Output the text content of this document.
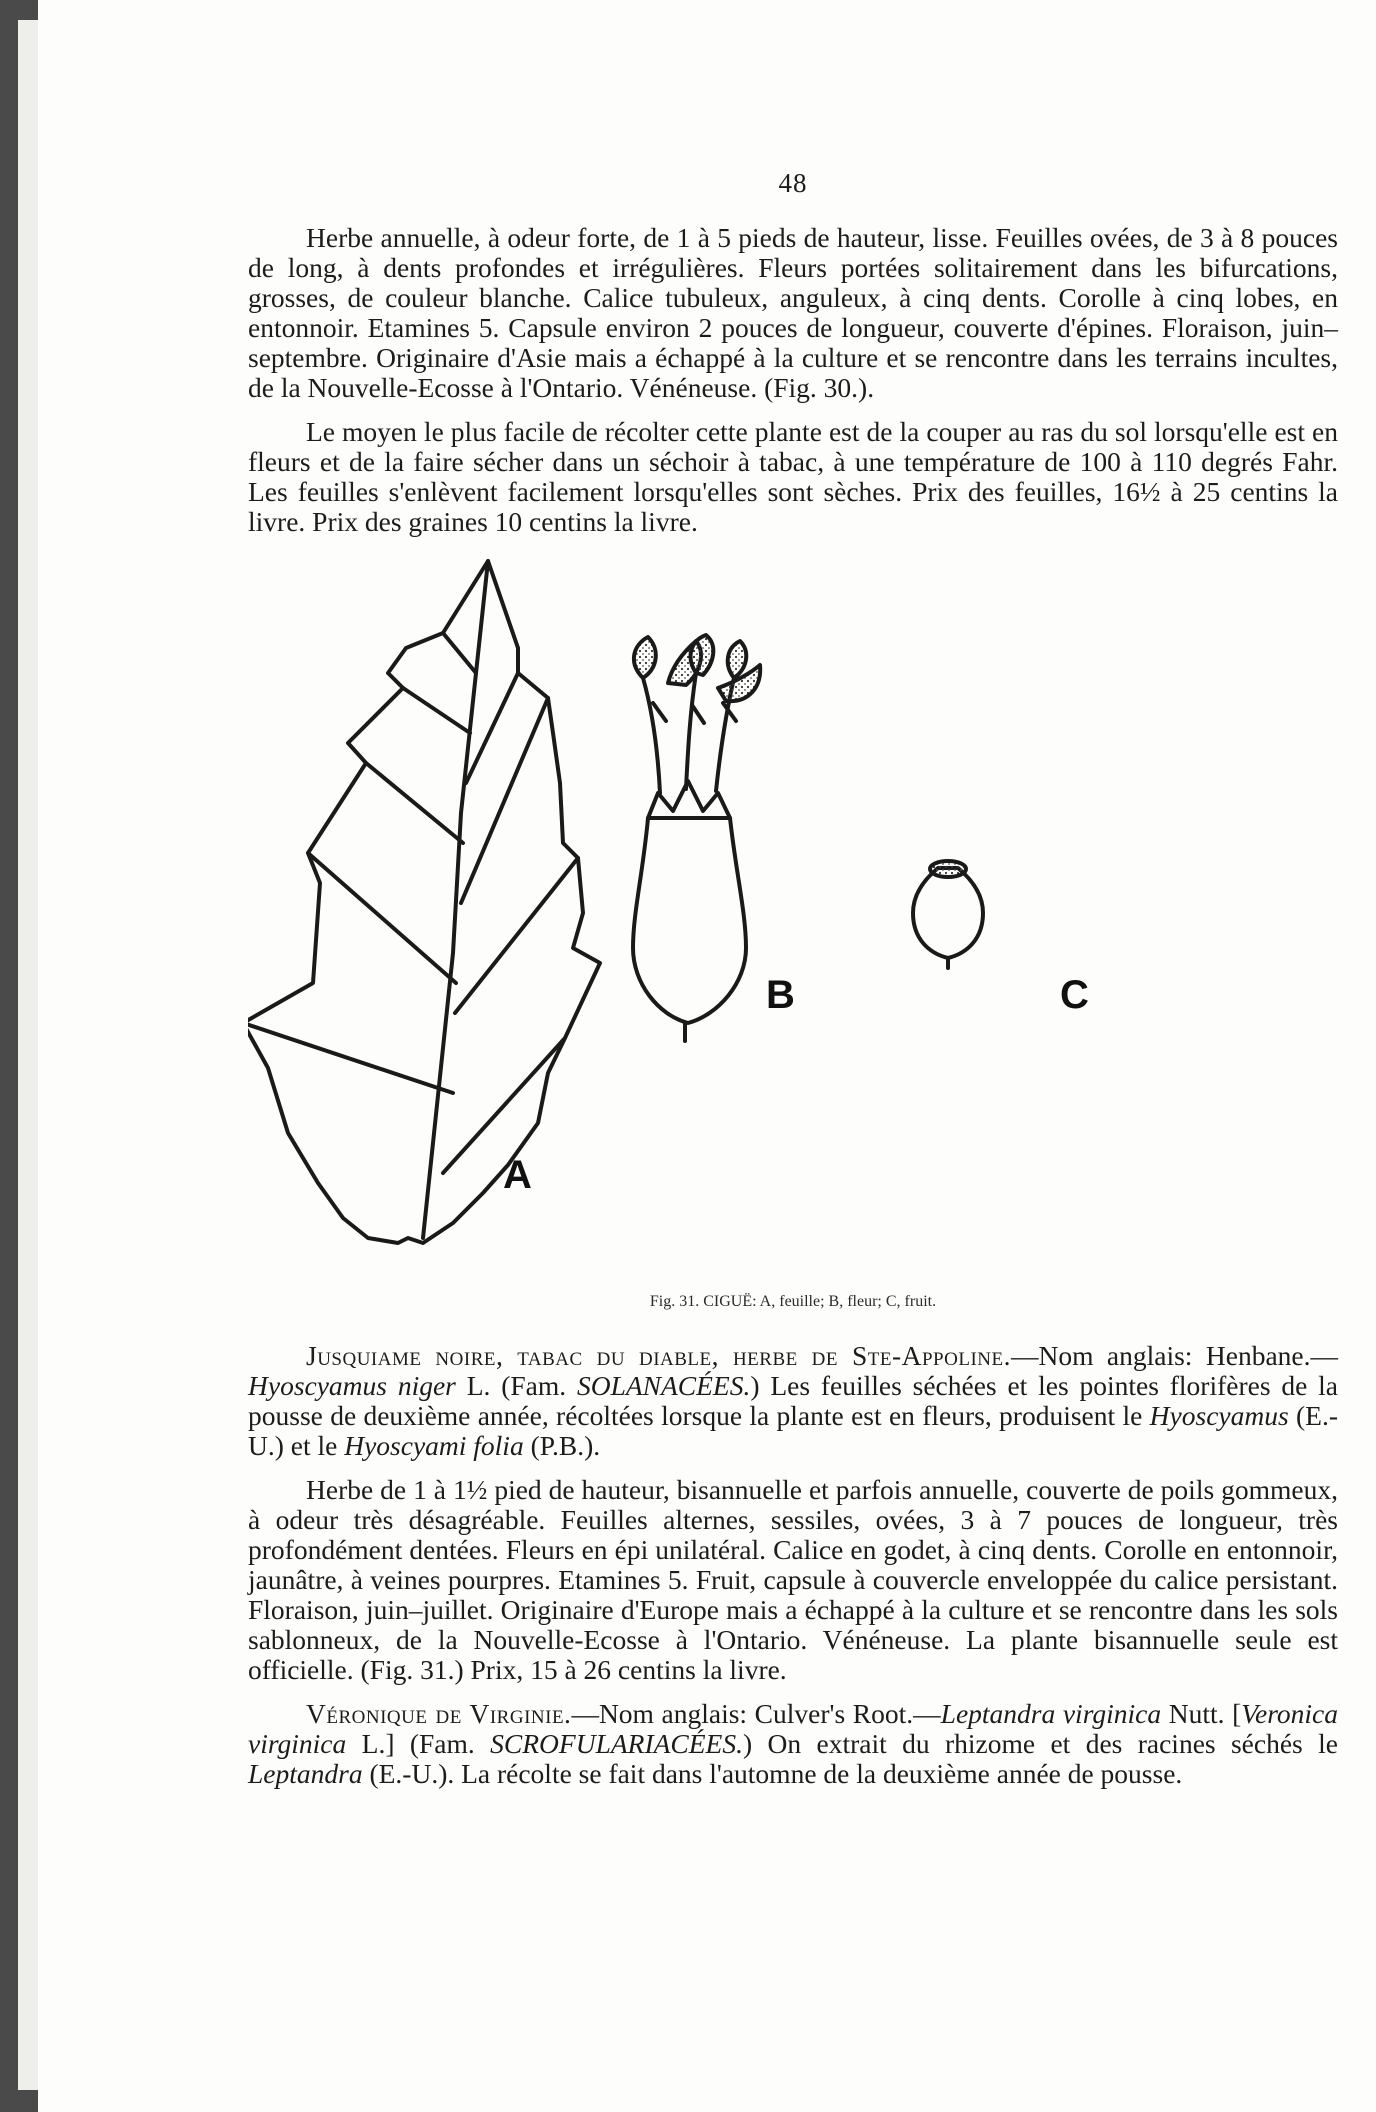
48

Herbe annuelle, à odeur forte, de 1 à 5 pieds de hauteur, lisse. Feuilles ovées, de 3 à 8 pouces de long, à dents profondes et irrégulières. Fleurs portées solitairement dans les bifurcations, grosses, de couleur blanche. Calice tubuleux, anguleux, à cinq dents. Corolle à cinq lobes, en entonnoir. Etamines 5. Capsule environ 2 pouces de longueur, couverte d'épines. Floraison, juin–septembre. Originaire d'Asie mais a échappé à la culture et se rencontre dans les terrains incultes, de la Nouvelle-Ecosse à l'Ontario. Vénéneuse. (Fig. 30.).

Le moyen le plus facile de récolter cette plante est de la couper au ras du sol lorsqu'elle est en fleurs et de la faire sécher dans un séchoir à tabac, à une température de 100 à 110 degrés Fahr. Les feuilles s'enlèvent facilement lorsqu'elles sont sèches. Prix des feuilles, 16½ à 25 centins la livre. Prix des graines 10 centins la livre.

A
B	C
Fig. 31. CIGUË: A, feuille; B, fleur; C, fruit.

Jusquiame noire, tabac du diable, herbe de Ste-Appoline.—Nom anglais: Henbane.—Hyoscyamus niger L. (Fam. SOLANACÉES.) Les feuilles séchées et les pointes florifères de la pousse de deuxième année, récoltées lorsque la plante est en fleurs, produisent le Hyoscyamus (E.-U.) et le Hyoscyami folia (P.B.).

Herbe de 1 à 1½ pied de hauteur, bisannuelle et parfois annuelle, couverte de poils gommeux, à odeur très désagréable. Feuilles alternes, sessiles, ovées, 3 à 7 pouces de longueur, très profondément dentées. Fleurs en épi unilatéral. Calice en godet, à cinq dents. Corolle en entonnoir, jaunâtre, à veines pourpres. Etamines 5. Fruit, capsule à couvercle enveloppée du calice persistant. Floraison, juin–juillet. Originaire d'Europe mais a échappé à la culture et se rencontre dans les sols sablonneux, de la Nouvelle-Ecosse à l'Ontario. Vénéneuse. La plante bisannuelle seule est officielle. (Fig. 31.) Prix, 15 à 26 centins la livre.

Véronique de Virginie.—Nom anglais: Culver's Root.—Leptandra virginica Nutt. [Veronica virginica L.] (Fam. SCROFULARIACÉES.) On extrait du rhizome et des racines séchés le Leptandra (E.-U.). La récolte se fait dans l'automne de la deuxième année de pousse.
